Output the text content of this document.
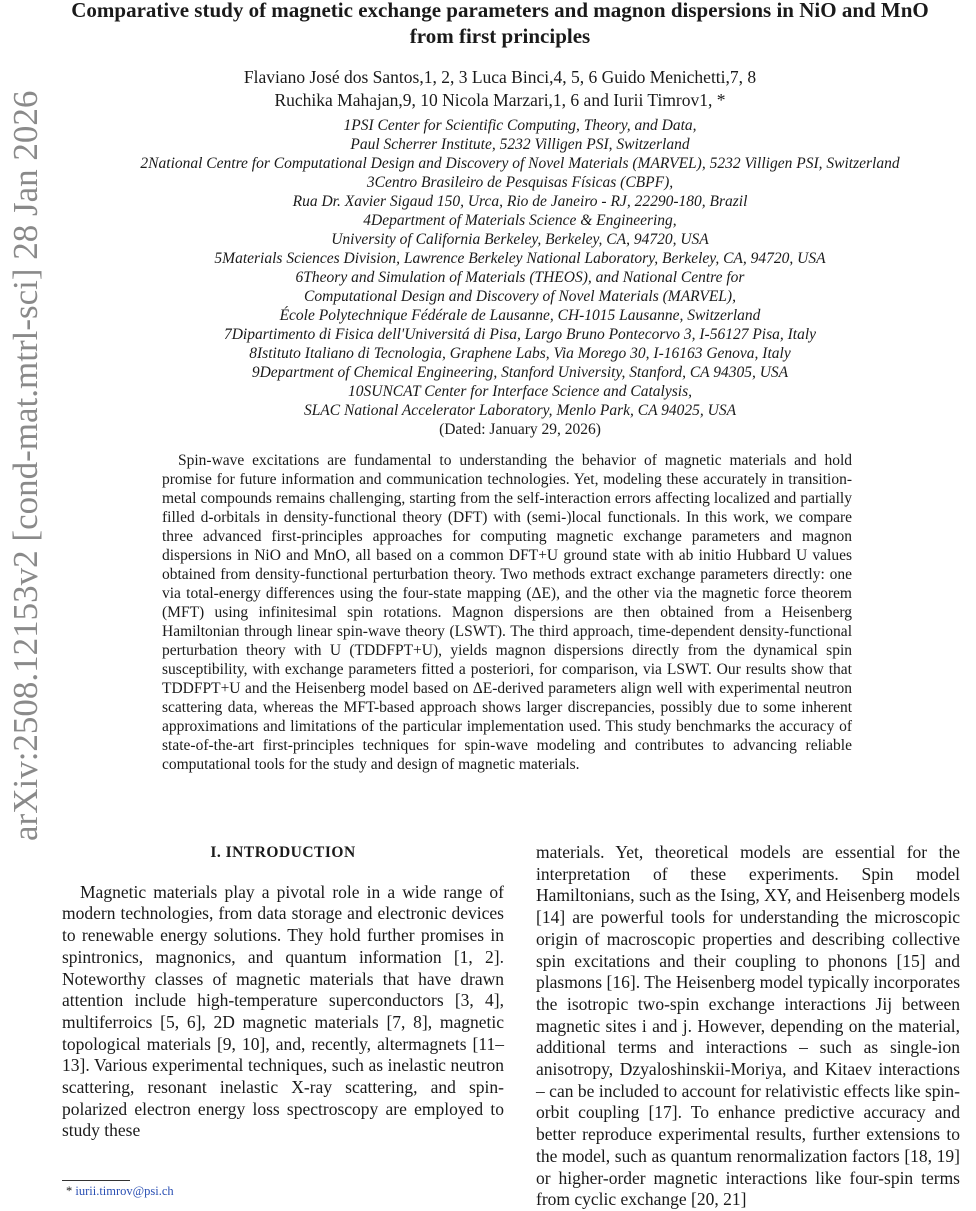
arXiv:2508.12153v2 [cond-mat.mtrl-sci] 28 Jan 2026
Comparative study of magnetic exchange parameters and magnon dispersions in NiO and MnO from first principles
Flaviano José dos Santos,1, 2, 3 Luca Binci,4, 5, 6 Guido Menichetti,7, 8
Ruchika Mahajan,9, 10 Nicola Marzari,1, 6 and Iurii Timrov1, *
1PSI Center for Scientific Computing, Theory, and Data,
Paul Scherrer Institute, 5232 Villigen PSI, Switzerland
2National Centre for Computational Design and Discovery of Novel Materials (MARVEL), 5232 Villigen PSI, Switzerland
3Centro Brasileiro de Pesquisas Físicas (CBPF),
Rua Dr. Xavier Sigaud 150, Urca, Rio de Janeiro - RJ, 22290-180, Brazil
4Department of Materials Science & Engineering,
University of California Berkeley, Berkeley, CA, 94720, USA
5Materials Sciences Division, Lawrence Berkeley National Laboratory, Berkeley, CA, 94720, USA
6Theory and Simulation of Materials (THEOS), and National Centre for
Computational Design and Discovery of Novel Materials (MARVEL),
École Polytechnique Fédérale de Lausanne, CH-1015 Lausanne, Switzerland
7Dipartimento di Fisica dell'Universitá di Pisa, Largo Bruno Pontecorvo 3, I-56127 Pisa, Italy
8Istituto Italiano di Tecnologia, Graphene Labs, Via Morego 30, I-16163 Genova, Italy
9Department of Chemical Engineering, Stanford University, Stanford, CA 94305, USA
10SUNCAT Center for Interface Science and Catalysis,
SLAC National Accelerator Laboratory, Menlo Park, CA 94025, USA
(Dated: January 29, 2026)
Spin-wave excitations are fundamental to understanding the behavior of magnetic materials and hold promise for future information and communication technologies. Yet, modeling these accurately in transition-metal compounds remains challenging, starting from the self-interaction errors affecting localized and partially filled d-orbitals in density-functional theory (DFT) with (semi-)local functionals. In this work, we compare three advanced first-principles approaches for computing magnetic exchange parameters and magnon dispersions in NiO and MnO, all based on a common DFT+U ground state with ab initio Hubbard U values obtained from density-functional perturbation theory. Two methods extract exchange parameters directly: one via total-energy differences using the four-state mapping (ΔE), and the other via the magnetic force theorem (MFT) using infinitesimal spin rotations. Magnon dispersions are then obtained from a Heisenberg Hamiltonian through linear spin-wave theory (LSWT). The third approach, time-dependent density-functional perturbation theory with U (TDDFPT+U), yields magnon dispersions directly from the dynamical spin susceptibility, with exchange parameters fitted a posteriori, for comparison, via LSWT. Our results show that TDDFPT+U and the Heisenberg model based on ΔE-derived parameters align well with experimental neutron scattering data, whereas the MFT-based approach shows larger discrepancies, possibly due to some inherent approximations and limitations of the particular implementation used. This study benchmarks the accuracy of state-of-the-art first-principles techniques for spin-wave modeling and contributes to advancing reliable computational tools for the study and design of magnetic materials.
I. INTRODUCTION

Magnetic materials play a pivotal role in a wide range of modern technologies, from data storage and electronic devices to renewable energy solutions. They hold further promises in spintronics, magnonics, and quantum information [1, 2]. Noteworthy classes of magnetic materials that have drawn attention include high-temperature superconductors [3, 4], multiferroics [5, 6], 2D magnetic materials [7, 8], magnetic topological materials [9, 10], and, recently, altermagnets [11–13]. Various experimental techniques, such as inelastic neutron scattering, resonant inelastic X-ray scattering, and spin-polarized electron energy loss spectroscopy are employed to study these

materials. Yet, theoretical models are essential for the interpretation of these experiments. Spin model Hamiltonians, such as the Ising, XY, and Heisenberg models [14] are powerful tools for understanding the microscopic origin of macroscopic properties and describing collective spin excitations and their coupling to phonons [15] and plasmons [16]. The Heisenberg model typically incorporates the isotropic two-spin exchange interactions Jij between magnetic sites i and j. However, depending on the material, additional terms and interactions – such as single-ion anisotropy, Dzyaloshinskii-Moriya, and Kitaev interactions – can be included to account for relativistic effects like spin-orbit coupling [17]. To enhance predictive accuracy and better reproduce experimental results, further extensions to the model, such as quantum renormalization factors [18, 19] or higher-order magnetic interactions like four-spin terms from cyclic exchange [20, 21]

* iurii.timrov@psi.ch
